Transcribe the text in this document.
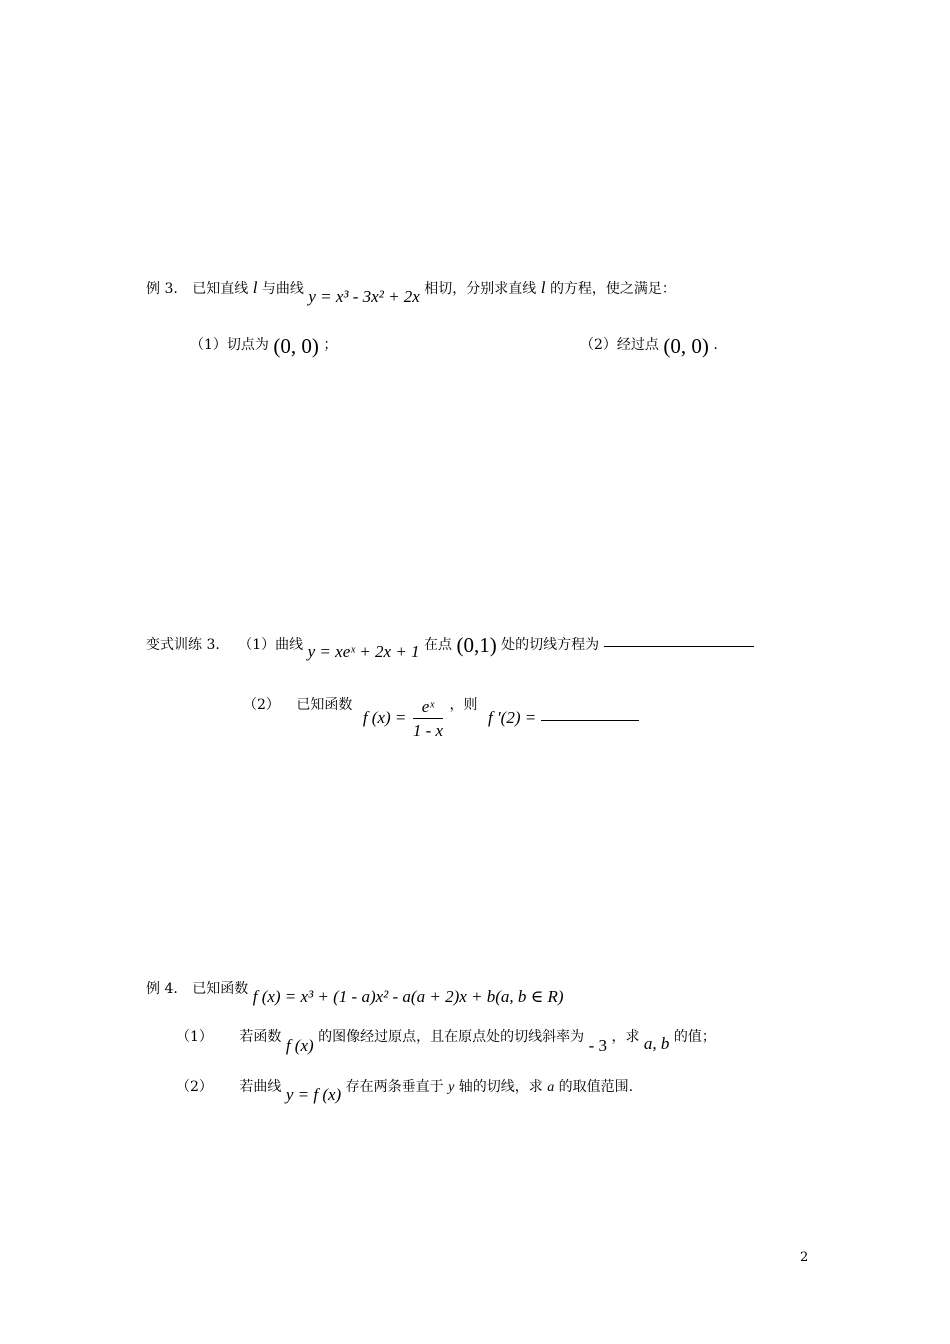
例 3. 已知直线 l 与曲线 y = x³ - 3x² + 2x 相切，分别求直线 l 的方程，使之满足：
（1）切点为 (0, 0) ；	（2）经过点 (0, 0) .
变式训练 3. （1）曲线 y = xeˣ + 2x + 1 在点 (0,1) 处的切线方程为
（2） 已知函数 f $(x) = \frac{\text{eˣ}}{1 - x}$ ，则 f ′(2) =
例 4. 已知函数 f (x) = x³ + (1 - a)x² - a(a + 2)x + b(a, b ∈ R)
（1） 若函数 f (x) 的图像经过原点，且在原点处的切线斜率为 - 3 ，求 a, b 的值；
（2） 若曲线 y = f (x) 存在两条垂直于 y 轴的切线，求 a 的取值范围.
2
